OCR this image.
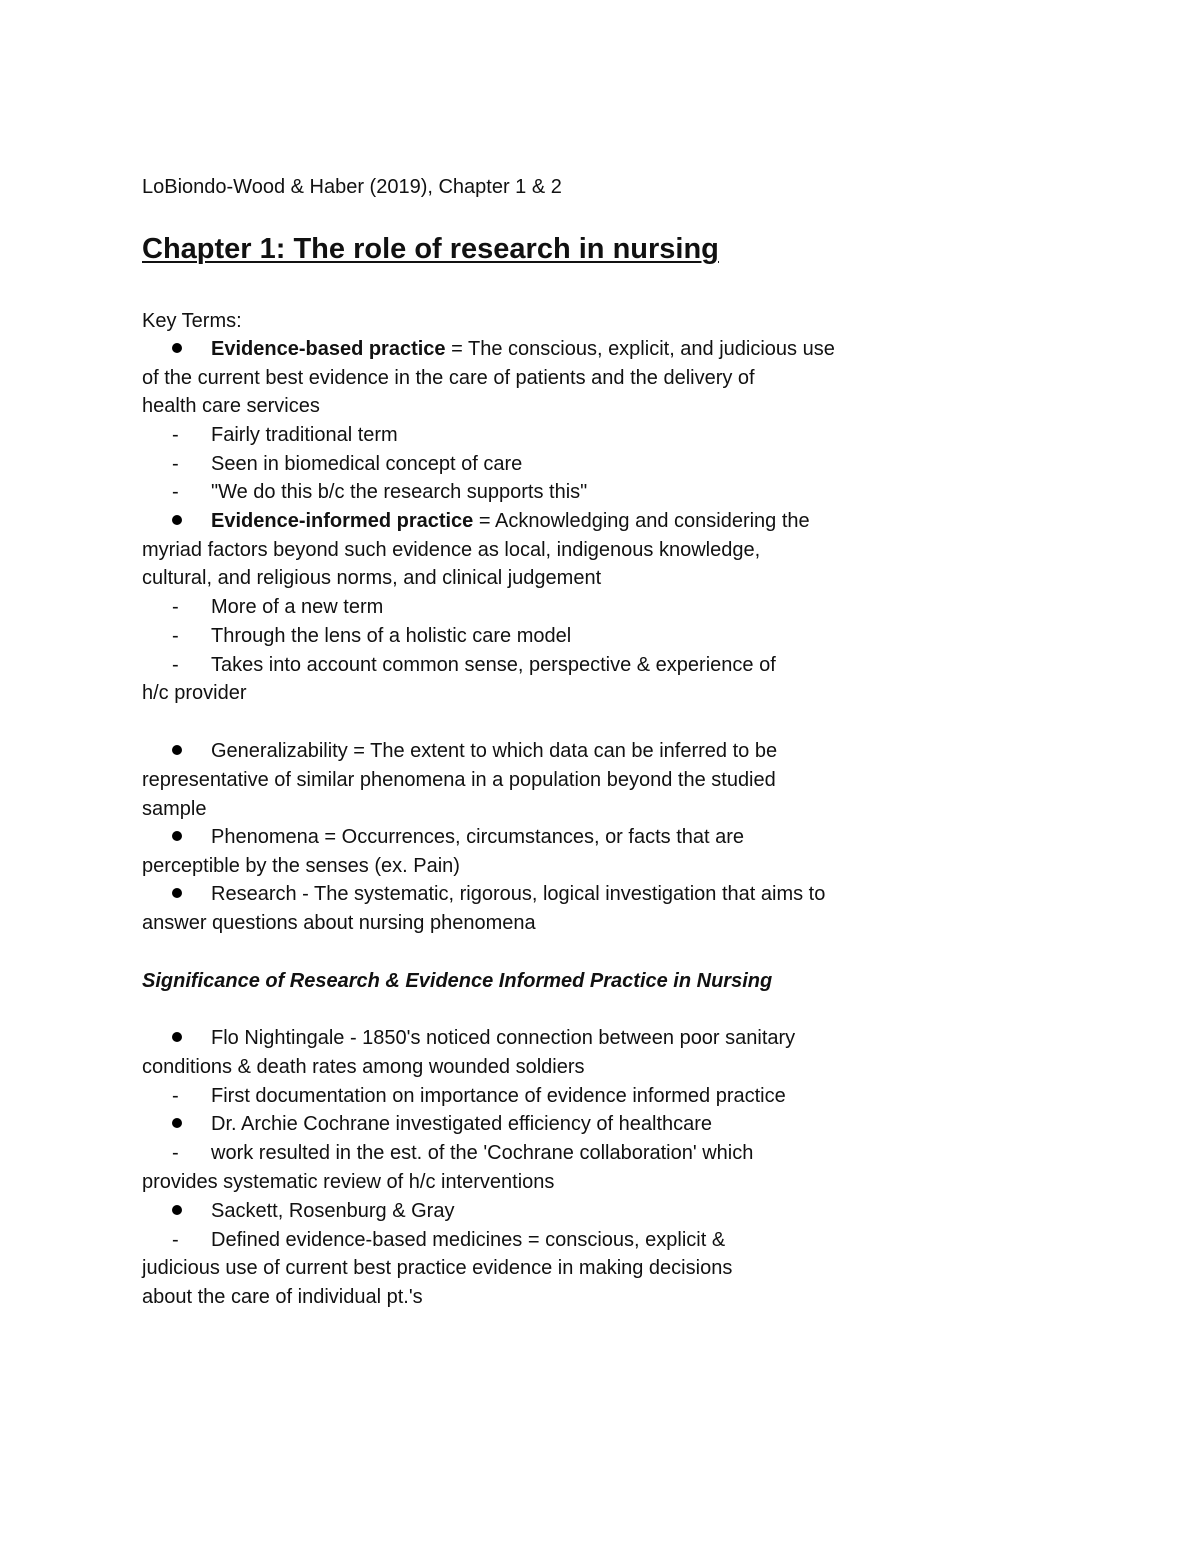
LoBiondo-Wood & Haber (2019), Chapter 1 & 2
Chapter 1: The role of research in nursing
Key Terms:
Evidence-based practice = The conscious, explicit, and judicious use
of the current best evidence in the care of patients and the delivery of
health care services
- Fairly traditional term
- Seen in biomedical concept of care
- "We do this b/c the research supports this"
Evidence-informed practice = Acknowledging and considering the
myriad factors beyond such evidence as local, indigenous knowledge,
cultural, and religious norms, and clinical judgement
- More of a new term
- Through the lens of a holistic care model
- Takes into account common sense, perspective & experience of
h/c provider
Generalizability = The extent to which data can be inferred to be
representative of similar phenomena in a population beyond the studied
sample
Phenomena = Occurrences, circumstances, or facts that are
perceptible by the senses (ex. Pain)
Research - The systematic, rigorous, logical investigation that aims to
answer questions about nursing phenomena
Significance of Research & Evidence Informed Practice in Nursing
Flo Nightingale - 1850's noticed connection between poor sanitary
conditions & death rates among wounded soldiers
- First documentation on importance of evidence informed practice
Dr. Archie Cochrane investigated efficiency of healthcare
- work resulted in the est. of the 'Cochrane collaboration' which
provides systematic review of h/c interventions
Sackett, Rosenburg & Gray
- Defined evidence-based medicines = conscious, explicit &
judicious use of current best practice evidence in making decisions
about the care of individual pt.'s
